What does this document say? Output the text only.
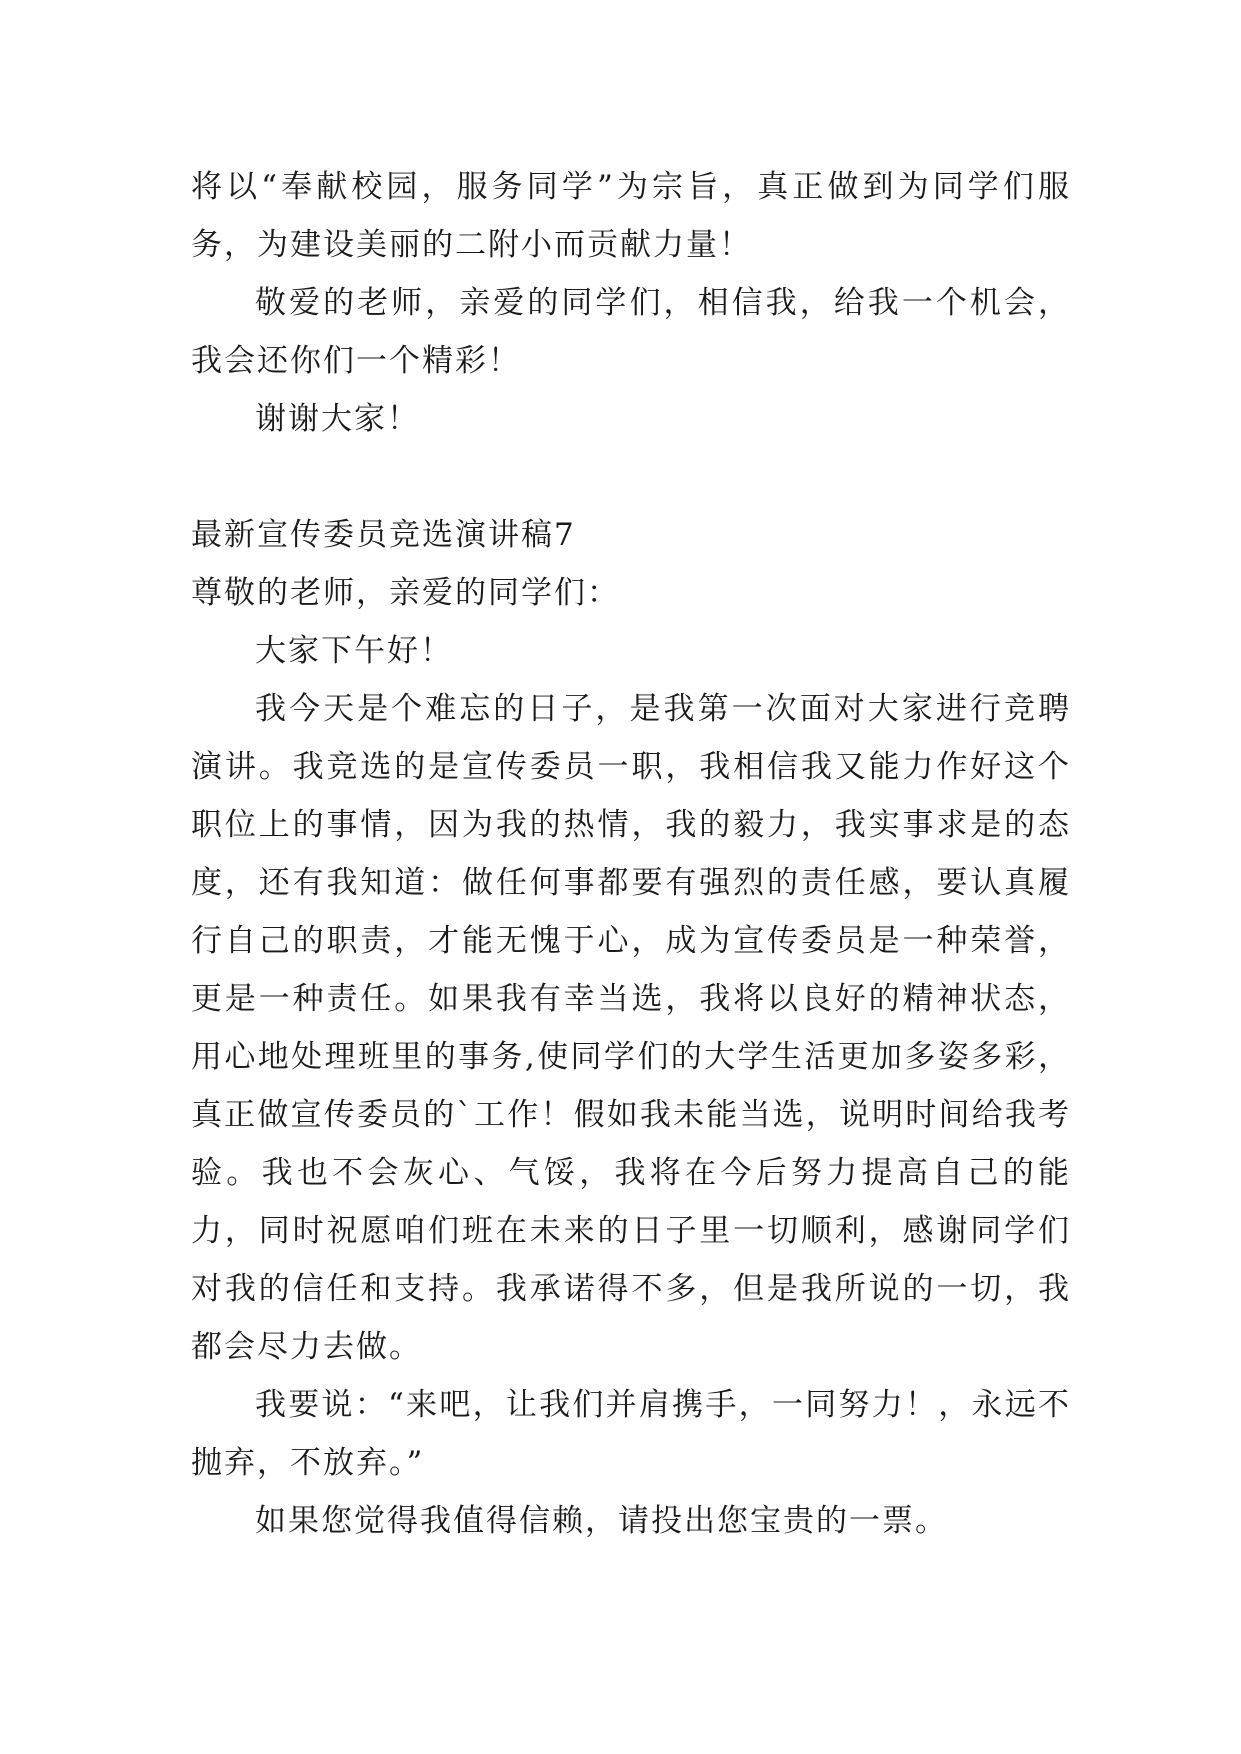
将以“奉献校园，服务同学”为宗旨，真正做到为同学们服务，为建设美丽的二附小而贡献力量！

敬爱的老师，亲爱的同学们，相信我，给我一个机会，我会还你们一个精彩！

谢谢大家！

最新宣传委员竞选演讲稿7

尊敬的老师，亲爱的同学们：

大家下午好！

我今天是个难忘的日子，是我第一次面对大家进行竞聘演讲。我竞选的是宣传委员一职，我相信我又能力作好这个职位上的事情，因为我的热情，我的毅力，我实事求是的态度，还有我知道：做任何事都要有强烈的责任感，要认真履行自己的职责，才能无愧于心，成为宣传委员是一种荣誉，更是一种责任。如果我有幸当选，我将以良好的精神状态，用心地处理班里的事务,使同学们的大学生活更加多姿多彩，真正做宣传委员的`工作！假如我未能当选，说明时间给我考验。我也不会灰心、气馁，我将在今后努力提高自己的能力，同时祝愿咱们班在未来的日子里一切顺利，感谢同学们对我的信任和支持。我承诺得不多，但是我所说的一切，我都会尽力去做。

我要说：“来吧，让我们并肩携手，一同努力！，永远不抛弃，不放弃。”

如果您觉得我值得信赖，请投出您宝贵的一票。
